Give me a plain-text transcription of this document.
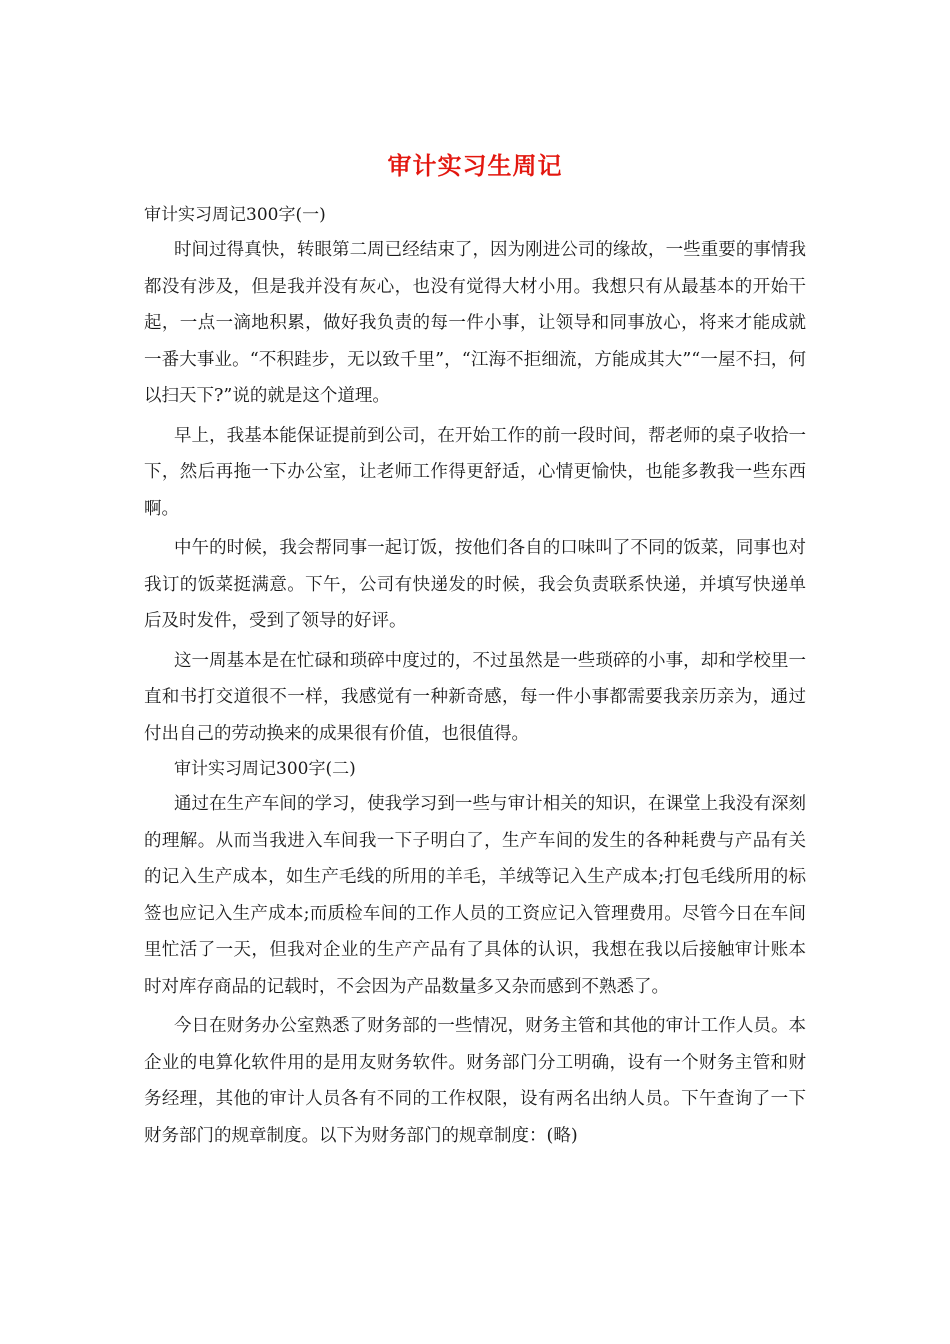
审计实习生周记

审计实习周记300字(一)

时间过得真快，转眼第二周已经结束了，因为刚进公司的缘故，一些重要的事情我都没有涉及，但是我并没有灰心，也没有觉得大材小用。我想只有从最基本的开始干起，一点一滴地积累，做好我负责的每一件小事，让领导和同事放心，将来才能成就一番大事业。“不积跬步，无以致千里”，“江海不拒细流，方能成其大”“一屋不扫，何以扫天下?”说的就是这个道理。

早上，我基本能保证提前到公司，在开始工作的前一段时间，帮老师的桌子收拾一下，然后再拖一下办公室，让老师工作得更舒适，心情更愉快，也能多教我一些东西啊。

中午的时候，我会帮同事一起订饭，按他们各自的口味叫了不同的饭菜，同事也对我订的饭菜挺满意。下午，公司有快递发的时候，我会负责联系快递，并填写快递单后及时发件，受到了领导的好评。

这一周基本是在忙碌和琐碎中度过的，不过虽然是一些琐碎的小事，却和学校里一直和书打交道很不一样，我感觉有一种新奇感，每一件小事都需要我亲历亲为，通过付出自己的劳动换来的成果很有价值，也很值得。

审计实习周记300字(二)

通过在生产车间的学习，使我学习到一些与审计相关的知识，在课堂上我没有深刻的理解。从而当我进入车间我一下子明白了，生产车间的发生的各种耗费与产品有关的记入生产成本，如生产毛线的所用的羊毛，羊绒等记入生产成本;打包毛线所用的标签也应记入生产成本;而质检车间的工作人员的工资应记入管理费用。尽管今日在车间里忙活了一天，但我对企业的生产产品有了具体的认识，我想在我以后接触审计账本时对库存商品的记载时，不会因为产品数量多又杂而感到不熟悉了。

今日在财务办公室熟悉了财务部的一些情况，财务主管和其他的审计工作人员。本企业的电算化软件用的是用友财务软件。财务部门分工明确，设有一个财务主管和财务经理，其他的审计人员各有不同的工作权限，设有两名出纳人员。下午查询了一下财务部门的规章制度。以下为财务部门的规章制度：(略)
